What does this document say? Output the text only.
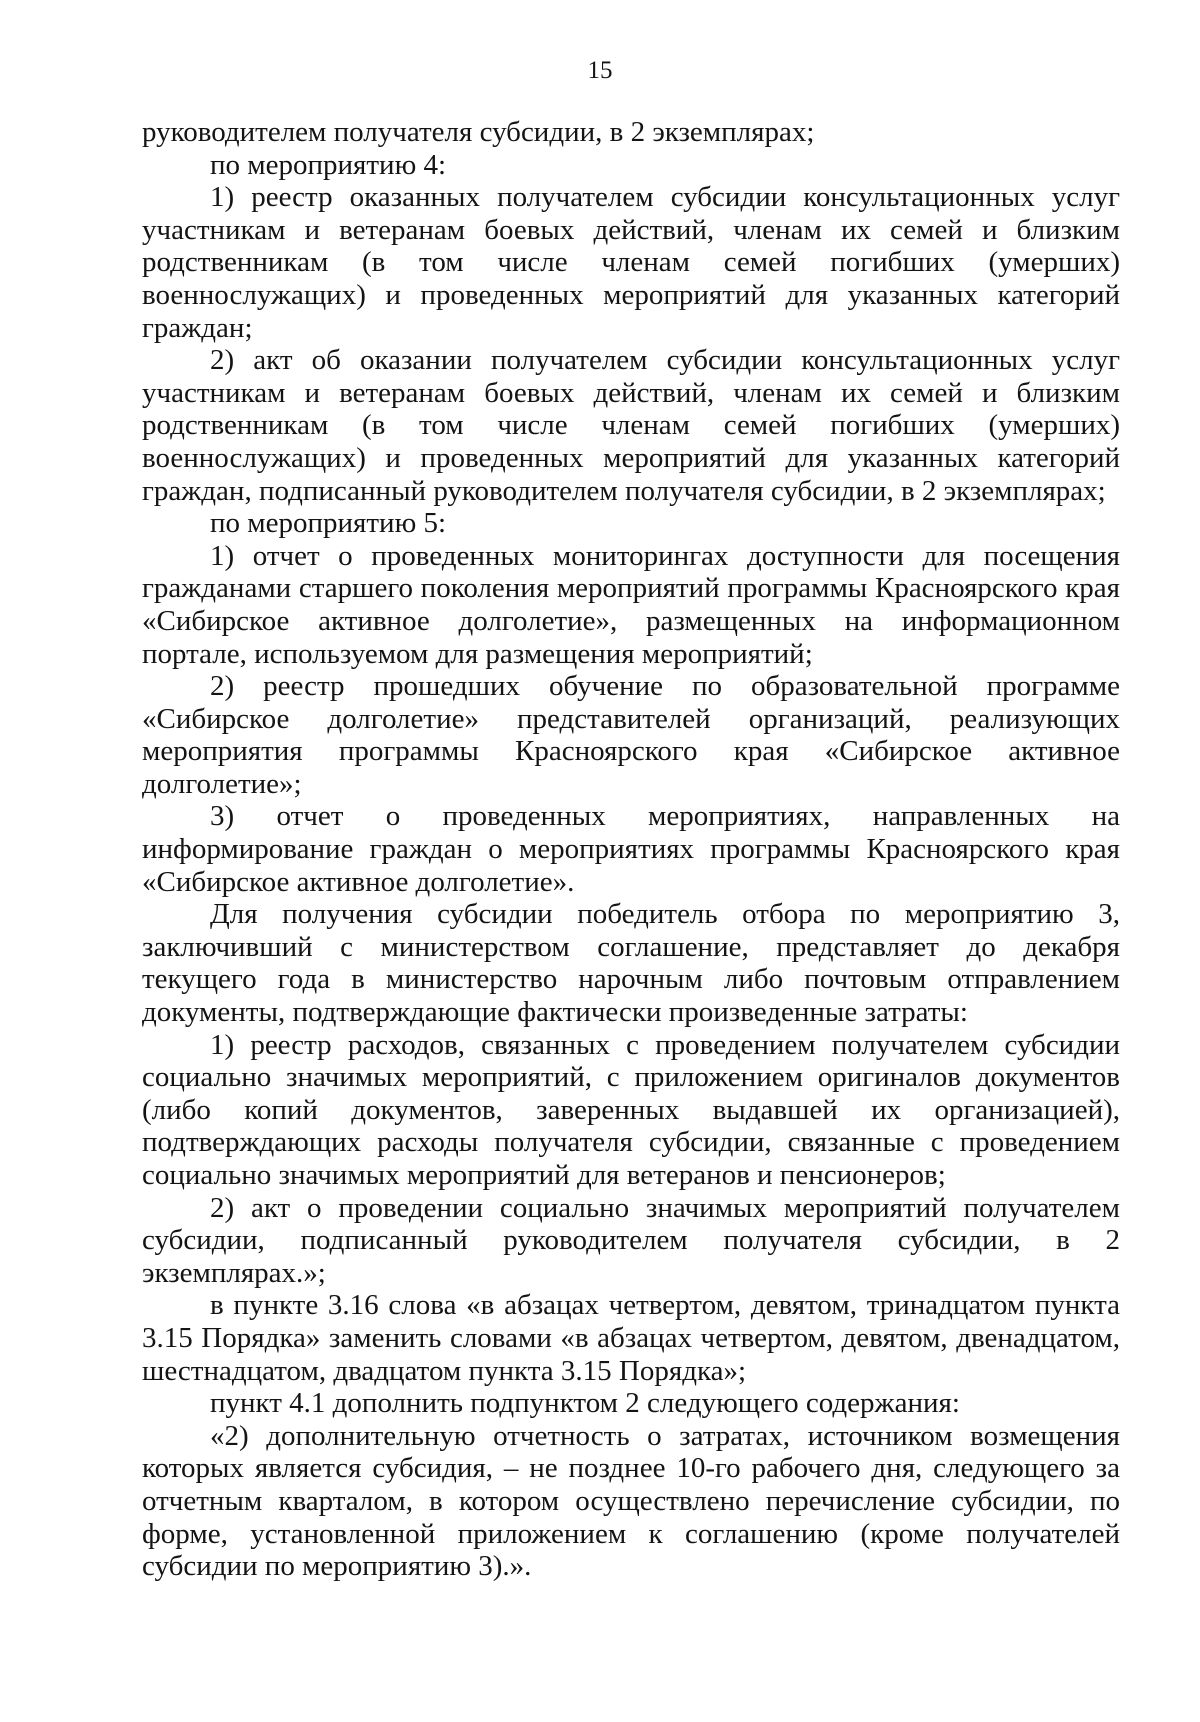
15

руководителем получателя субсидии, в 2 экземплярах;

по мероприятию 4:

1) реестр оказанных получателем субсидии консультационных услуг участникам и ветеранам боевых действий, членам их семей и близким родственникам (в том числе членам семей погибших (умерших) военнослужащих) и проведенных мероприятий для указанных категорий граждан;

2) акт об оказании получателем субсидии консультационных услуг участникам и ветеранам боевых действий, членам их семей и близким родственникам (в том числе членам семей погибших (умерших) военнослужащих) и проведенных мероприятий для указанных категорий граждан, подписанный руководителем получателя субсидии, в 2 экземплярах;

по мероприятию 5:

1) отчет о проведенных мониторингах доступности для посещения гражданами старшего поколения мероприятий программы Красноярского края «Сибирское активное долголетие», размещенных на информационном портале, используемом для размещения мероприятий;

2) реестр прошедших обучение по образовательной программе «Сибирское долголетие» представителей организаций, реализующих мероприятия программы Красноярского края «Сибирское активное долголетие»;

3) отчет о проведенных мероприятиях, направленных на информирование граждан о мероприятиях программы Красноярского края «Сибирское активное долголетие».

Для получения субсидии победитель отбора по мероприятию 3, заключивший с министерством соглашение, представляет до декабря текущего года в министерство нарочным либо почтовым отправлением документы, подтверждающие фактически произведенные затраты:

1) реестр расходов, связанных с проведением получателем субсидии социально значимых мероприятий, с приложением оригиналов документов (либо копий документов, заверенных выдавшей их организацией), подтверждающих расходы получателя субсидии, связанные с проведением социально значимых мероприятий для ветеранов и пенсионеров;

2) акт о проведении социально значимых мероприятий получателем субсидии, подписанный руководителем получателя субсидии, в 2 экземплярах.»;

в пункте 3.16 слова «в абзацах четвертом, девятом, тринадцатом пункта 3.15 Порядка» заменить словами «в абзацах четвертом, девятом, двенадцатом, шестнадцатом, двадцатом пункта 3.15 Порядка»;

пункт 4.1 дополнить подпунктом 2 следующего содержания:

«2) дополнительную отчетность о затратах, источником возмещения которых является субсидия, – не позднее 10-го рабочего дня, следующего за отчетным кварталом, в котором осуществлено перечисление субсидии, по форме, установленной приложением к соглашению (кроме получателей субсидии по мероприятию 3).».
